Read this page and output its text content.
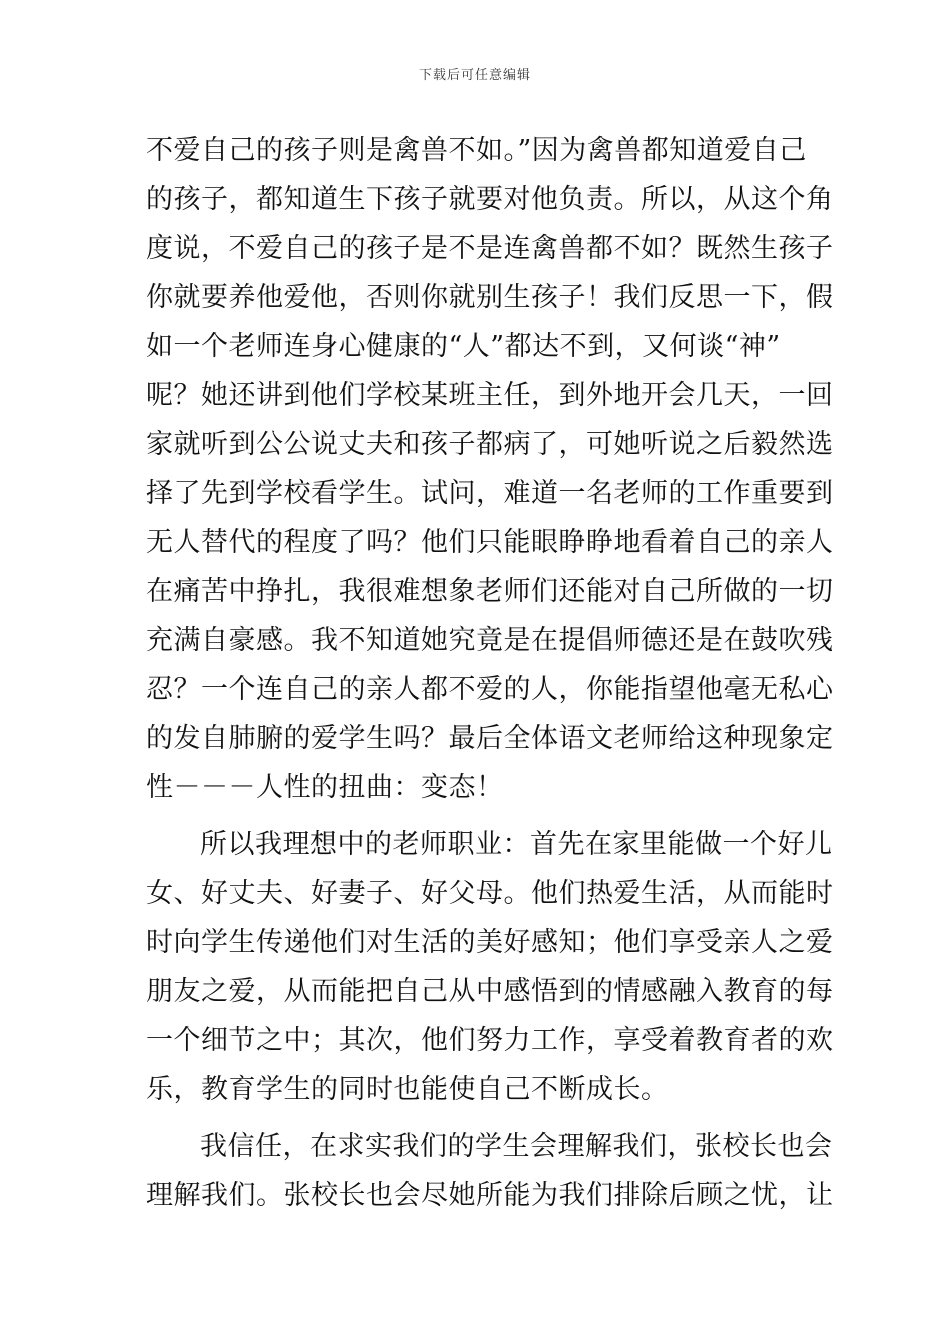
下载后可任意编辑
不爱自己的孩子则是禽兽不如。”因为禽兽都知道爱自己
的孩子，都知道生下孩子就要对他负责。所以，从这个角
度说，不爱自己的孩子是不是连禽兽都不如？既然生孩子
你就要养他爱他，否则你就别生孩子！我们反思一下，假
如一个老师连身心健康的“人”都达不到，又何谈“神”
呢？她还讲到他们学校某班主任，到外地开会几天，一回
家就听到公公说丈夫和孩子都病了，可她听说之后毅然选
择了先到学校看学生。试问，难道一名老师的工作重要到
无人替代的程度了吗？他们只能眼睁睁地看着自己的亲人
在痛苦中挣扎，我很难想象老师们还能对自己所做的一切
充满自豪感。我不知道她究竟是在提倡师德还是在鼓吹残
忍？一个连自己的亲人都不爱的人，你能指望他毫无私心
的发自肺腑的爱学生吗？最后全体语文老师给这种现象定
性－－－人性的扭曲：变态！
所以我理想中的老师职业：首先在家里能做一个好儿
女、好丈夫、好妻子、好父母。他们热爱生活，从而能时
时向学生传递他们对生活的美好感知；他们享受亲人之爱
朋友之爱，从而能把自己从中感悟到的情感融入教育的每
一个细节之中；其次，他们努力工作，享受着教育者的欢
乐，教育学生的同时也能使自己不断成长。
我信任，在求实我们的学生会理解我们，张校长也会
理解我们。张校长也会尽她所能为我们排除后顾之忧，让
